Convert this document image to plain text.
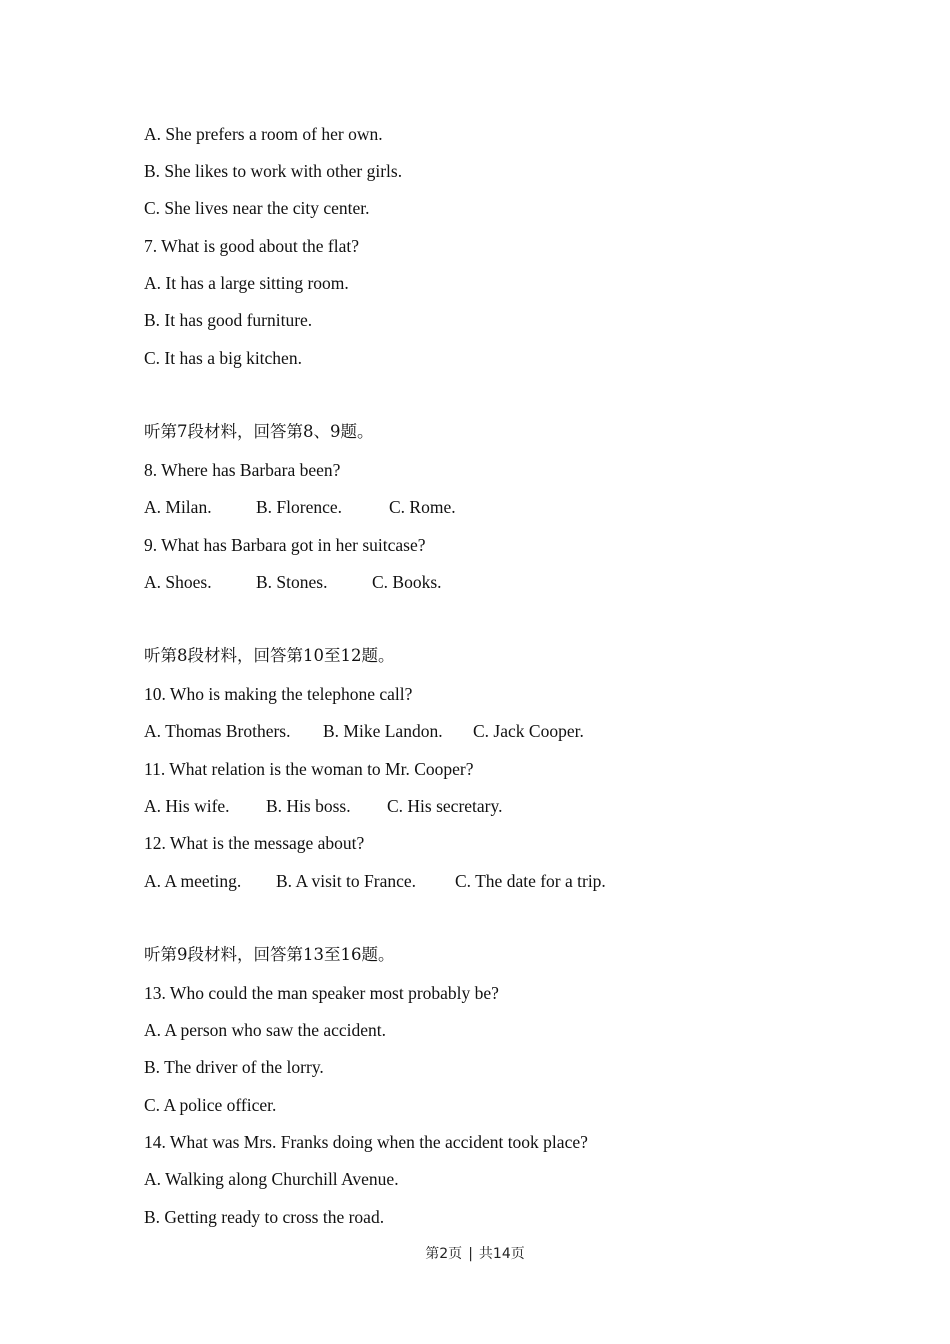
A. She prefers a room of her own.

B. She likes to work with other girls.

C. She lives near the city center.

7. What is good about the flat?

A. It has a large sitting room.

B. It has good furniture.

C. It has a big kitchen.

听第7段材料，回答第8、9题。

8. Where has Barbara been?

A. Milan.	B. Florence.	C. Rome.

9. What has Barbara got in her suitcase?

A. Shoes.	B. Stones.	C. Books.

听第8段材料，回答第10至12题。

10. Who is making the telephone call?

A. Thomas Brothers. B. Mike Landon. C. Jack Cooper.

11. What relation is the woman to Mr. Cooper?

A. His wife. B. His boss. C. His secretary.

12. What is the message about?

A. A meeting. B. A visit to France. C. The date for a trip.

听第9段材料，回答第13至16题。

13. Who could the man speaker most probably be?

A. A person who saw the accident.

B. The driver of the lorry.

C. A police officer.

14. What was Mrs. Franks doing when the accident took place?

A. Walking along Churchill Avenue.

B. Getting ready to cross the road.

第2页 | 共14页
